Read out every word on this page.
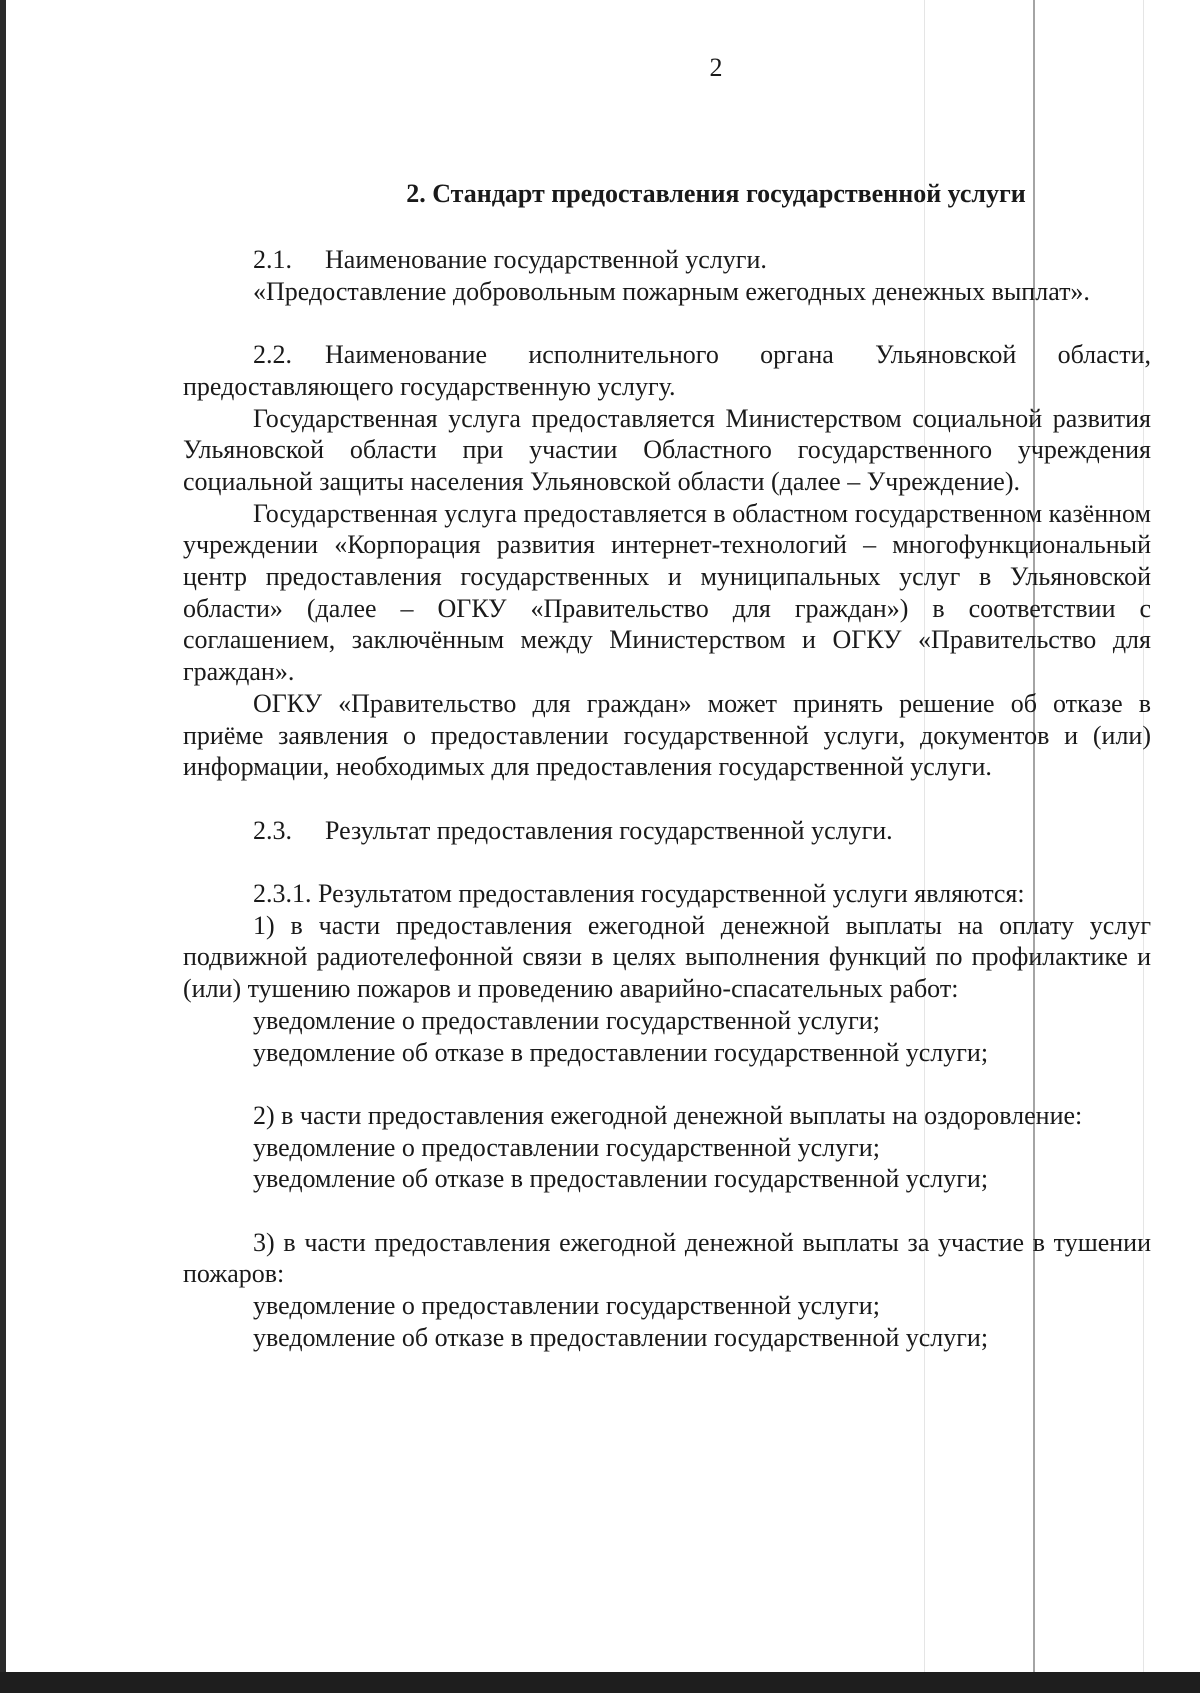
2
2. Стандарт предоставления государственной услуги

2.1. Наименование государственной услуги.

«Предоставление добровольным пожарным ежегодных денежных выплат».

2.2. Наименование исполнительного органа Ульяновской области, предоставляющего государственную услугу.

Государственная услуга предоставляется Министерством социальной развития Ульяновской области при участии Областного государственного учреждения социальной защиты населения Ульяновской области (далее – Учреждение).

Государственная услуга предоставляется в областном государственном казённом учреждении «Корпорация развития интернет-технологий – многофункциональный центр предоставления государственных и муниципальных услуг в Ульяновской области» (далее – ОГКУ «Правительство для граждан») в соответствии с соглашением, заключённым между Министерством и ОГКУ «Правительство для граждан».

ОГКУ «Правительство для граждан» может принять решение об отказе в приёме заявления о предоставлении государственной услуги, документов и (или) информации, необходимых для предоставления государственной услуги.

2.3. Результат предоставления государственной услуги.

2.3.1. Результатом предоставления государственной услуги являются:

1) в части предоставления ежегодной денежной выплаты на оплату услуг подвижной радиотелефонной связи в целях выполнения функций по профилактике и (или) тушению пожаров и проведению аварийно-спасательных работ:

уведомление о предоставлении государственной услуги;

уведомление об отказе в предоставлении государственной услуги;

2) в части предоставления ежегодной денежной выплаты на оздоровление:

уведомление о предоставлении государственной услуги;

уведомление об отказе в предоставлении государственной услуги;

3) в части предоставления ежегодной денежной выплаты за участие в тушении пожаров:

уведомление о предоставлении государственной услуги;

уведомление об отказе в предоставлении государственной услуги;
